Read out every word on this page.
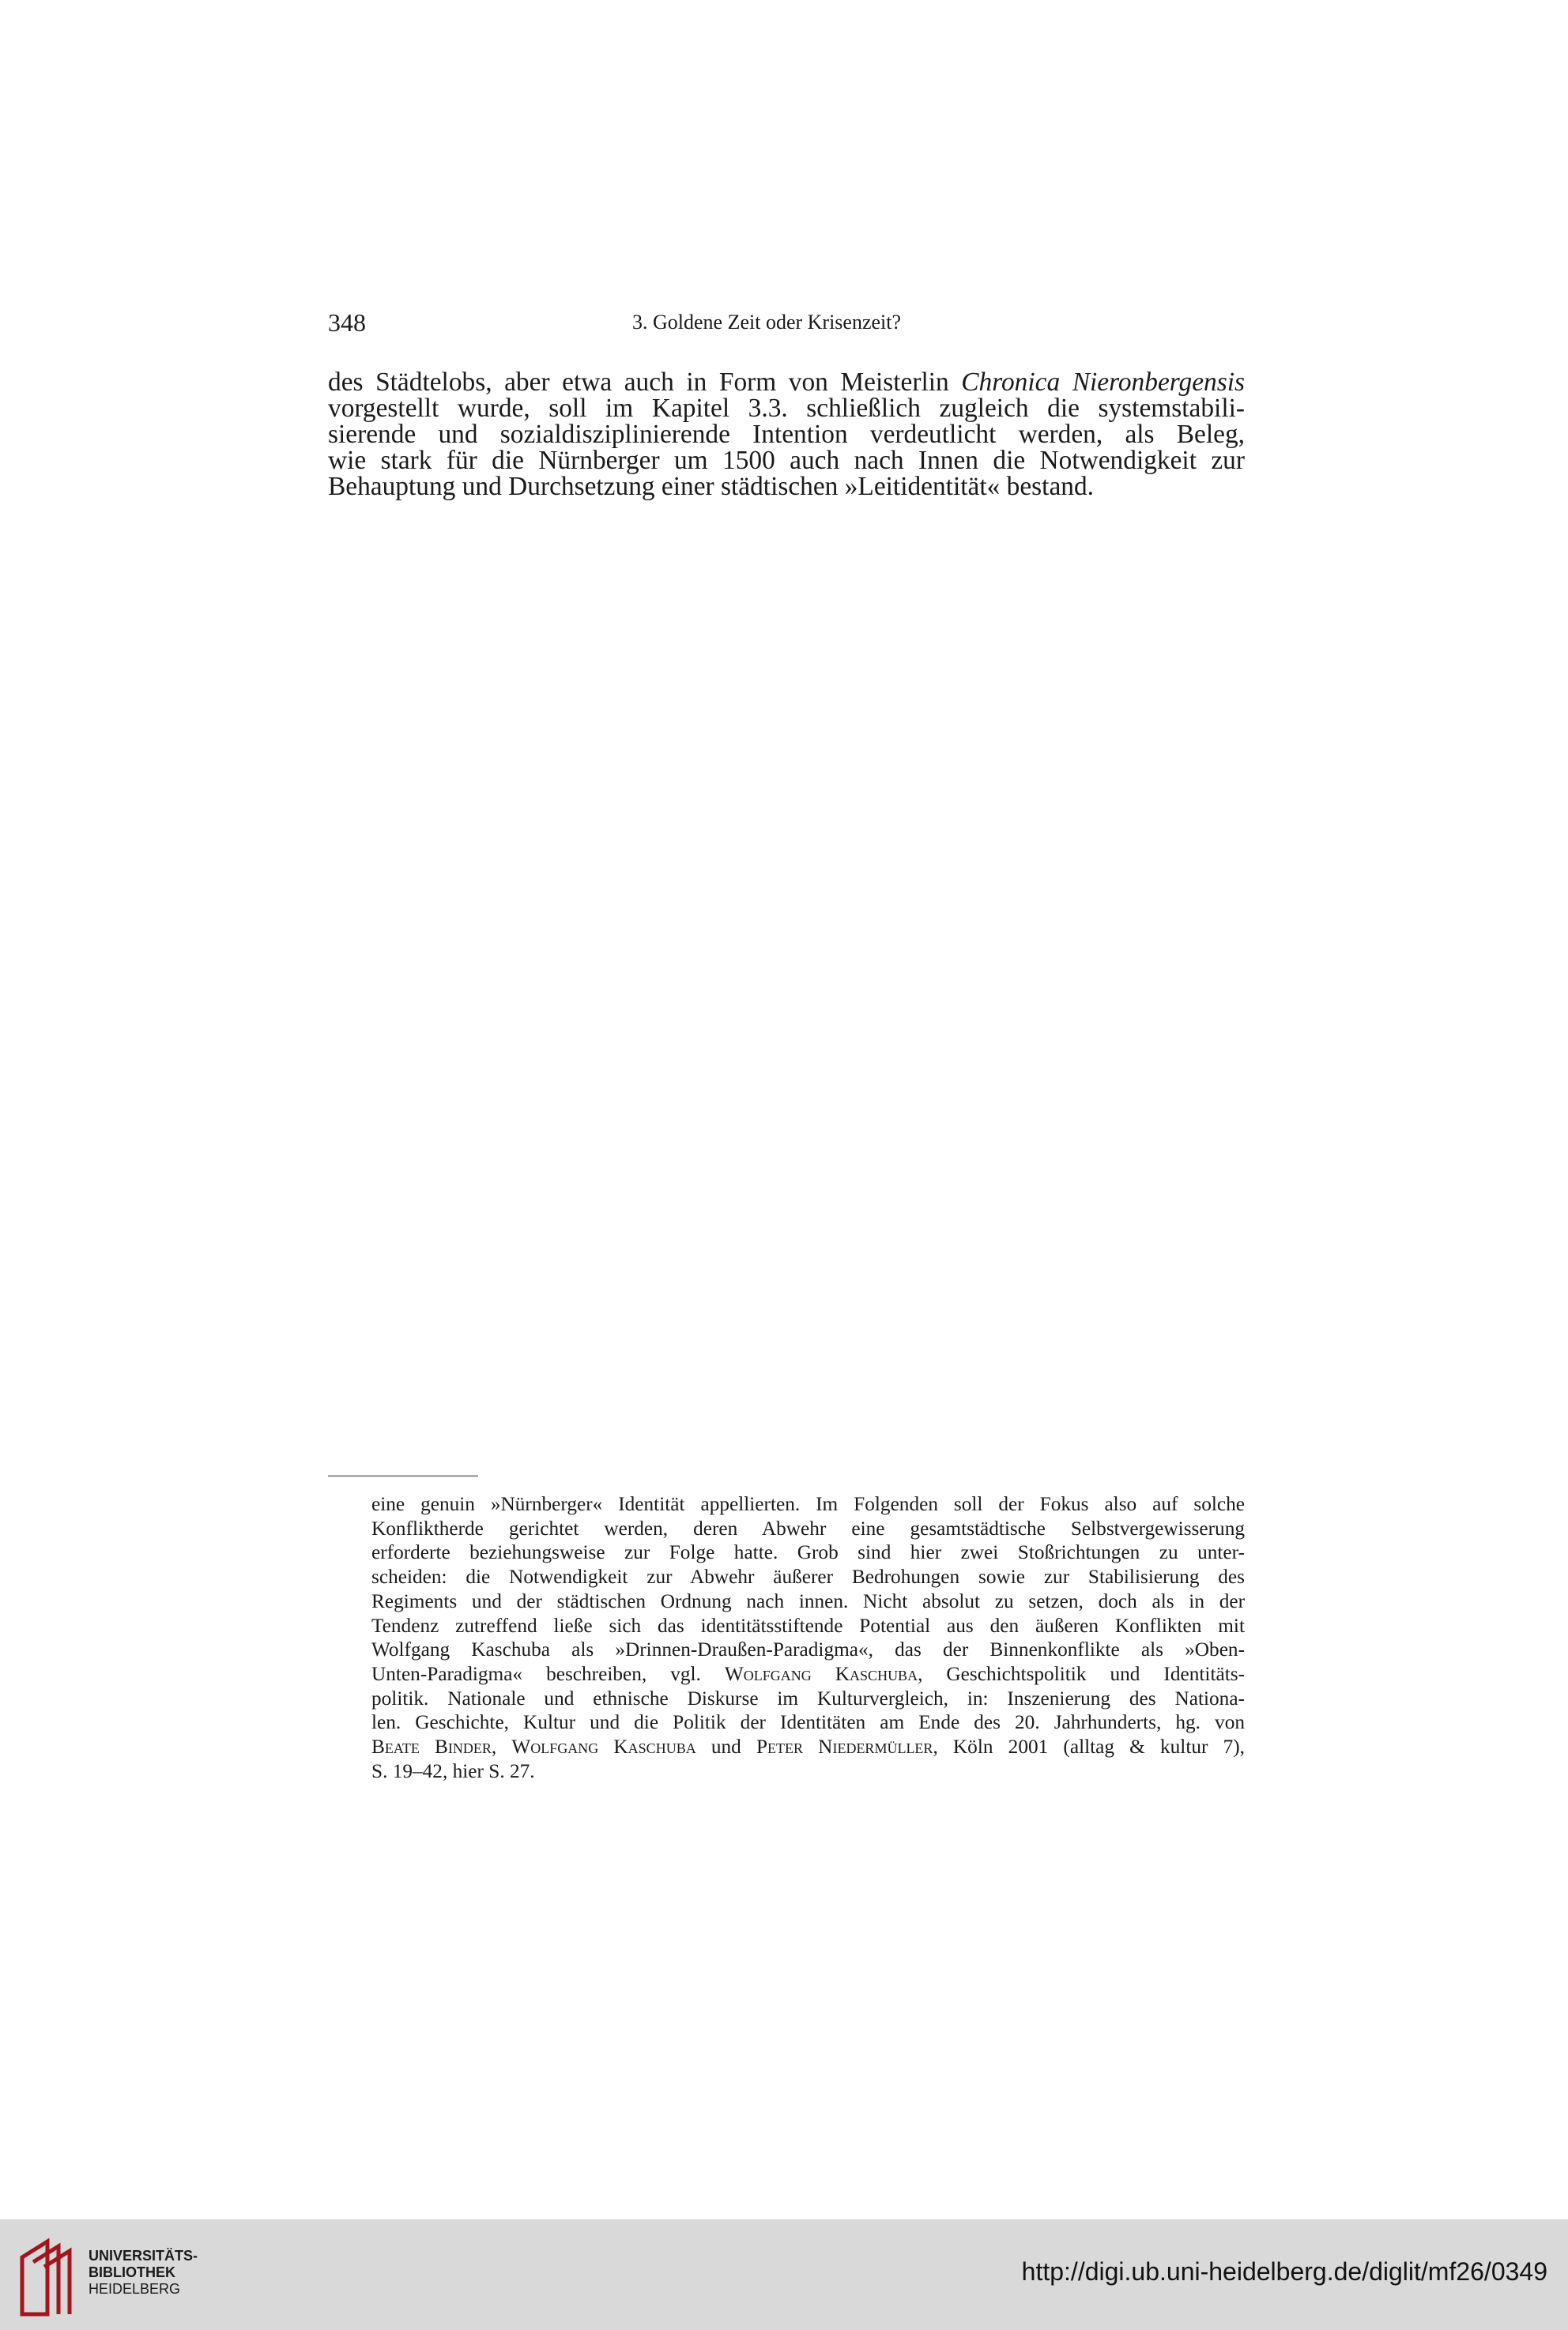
348	3. Goldene Zeit oder Krisenzeit?

des Städtelobs, aber etwa auch in Form von Meisterlin Chronica Nieronbergensis
vorgestellt wurde, soll im Kapitel 3.3. schließlich zugleich die systemstabili-
sierende und sozialdisziplinierende Intention verdeutlicht werden, als Beleg,
wie stark für die Nürnberger um 1500 auch nach Innen die Notwendigkeit zur
Behauptung und Durchsetzung einer städtischen »Leitidentität« bestand.

eine genuin »Nürnberger« Identität appellierten. Im Folgenden soll der Fokus also auf solche
Konfliktherde gerichtet werden, deren Abwehr eine gesamtstädtische Selbstvergewisserung
erforderte beziehungsweise zur Folge hatte. Grob sind hier zwei Stoßrichtungen zu unter-
scheiden: die Notwendigkeit zur Abwehr äußerer Bedrohungen sowie zur Stabilisierung des
Regiments und der städtischen Ordnung nach innen. Nicht absolut zu setzen, doch als in der
Tendenz zutreffend ließe sich das identitätsstiftende Potential aus den äußeren Konflikten mit
Wolfgang Kaschuba als »Drinnen-Draußen-Paradigma«, das der Binnenkonflikte als »Oben-
Unten-Paradigma« beschreiben, vgl. Wolfgang Kaschuba, Geschichtspolitik und Identitäts-
politik. Nationale und ethnische Diskurse im Kulturvergleich, in: Inszenierung des Nationa-
len. Geschichte, Kultur und die Politik der Identitäten am Ende des 20. Jahrhunderts, hg. von
Beate Binder, Wolfgang Kaschuba und Peter Niedermüller, Köln 2001 (alltag & kultur 7),
S. 19–42, hier S. 27.

UNIVERSITÄTS-
BIBLIOTHEK
HEIDELBERG
http://digi.ub.uni-heidelberg.de/diglit/mf26/0349
